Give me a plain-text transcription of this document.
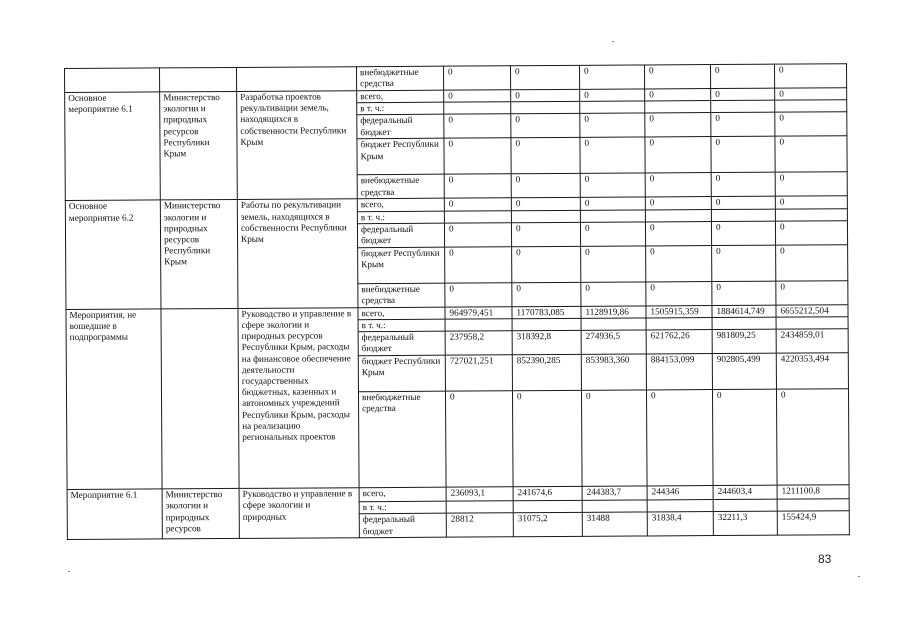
			внебюджетные средства	0	0	0	0	0	0
Основное мероприятие 6.1	Министерство экологии и природных ресурсов Республики Крым	Разработка проектов рекультивации земель, находящихся в собственности Республики Крым	всего,	0	0	0	0	0	0
			в т. ч.:						
			федеральный бюджет	0	0	0	0	0	0
			бюджет Республики Крым	0	0	0	0	0	0
			внебюджетные средства	0	0	0	0	0	0
Основное мероприятие 6.2	Министерство экологии и природных ресурсов Республики Крым	Работы по рекультивации земель, находящихся в собственности Республики Крым	всего,	0	0	0	0	0	0
			в т. ч.:						
			федеральный бюджет	0	0	0	0	0	0
			бюджет Республики Крым	0	0	0	0	0	0
			внебюджетные средства	0	0	0	0	0	0
Мероприятия, не вошедшие в подпрограммы		Руководство и управление в сфере экологии и природных ресурсов Республики Крым, расходы на финансовое обеспечение деятельности государственных бюджетных, казенных и автономных учреждений Республики Крым, расходы на реализацию региональных проектов	всего,	964979,451	1170783,085	1128919,86	1505915,359	1884614,749	6655212,504
			в т. ч.:						
			федеральный бюджет	237958,2	318392,8	274936,5	621762,26	981809,25	2434859,01
			бюджет Республики Крым	727021,251	852390,285	853983,360	884153,099	902805,499	4220353,494
			внебюджетные средства	0	0	0	0	0	0
Мероприятие 6.1	Министерство экологии и природных ресурсов	Руководство и управление в сфере экологии и природных	всего,	236093,1	241674,6	244383,7	244346	244603,4	1211100,8
			в т. ч.:						
			федеральный бюджет	28812	31075,2	31488	31838,4	32211,3	155424,9
83
